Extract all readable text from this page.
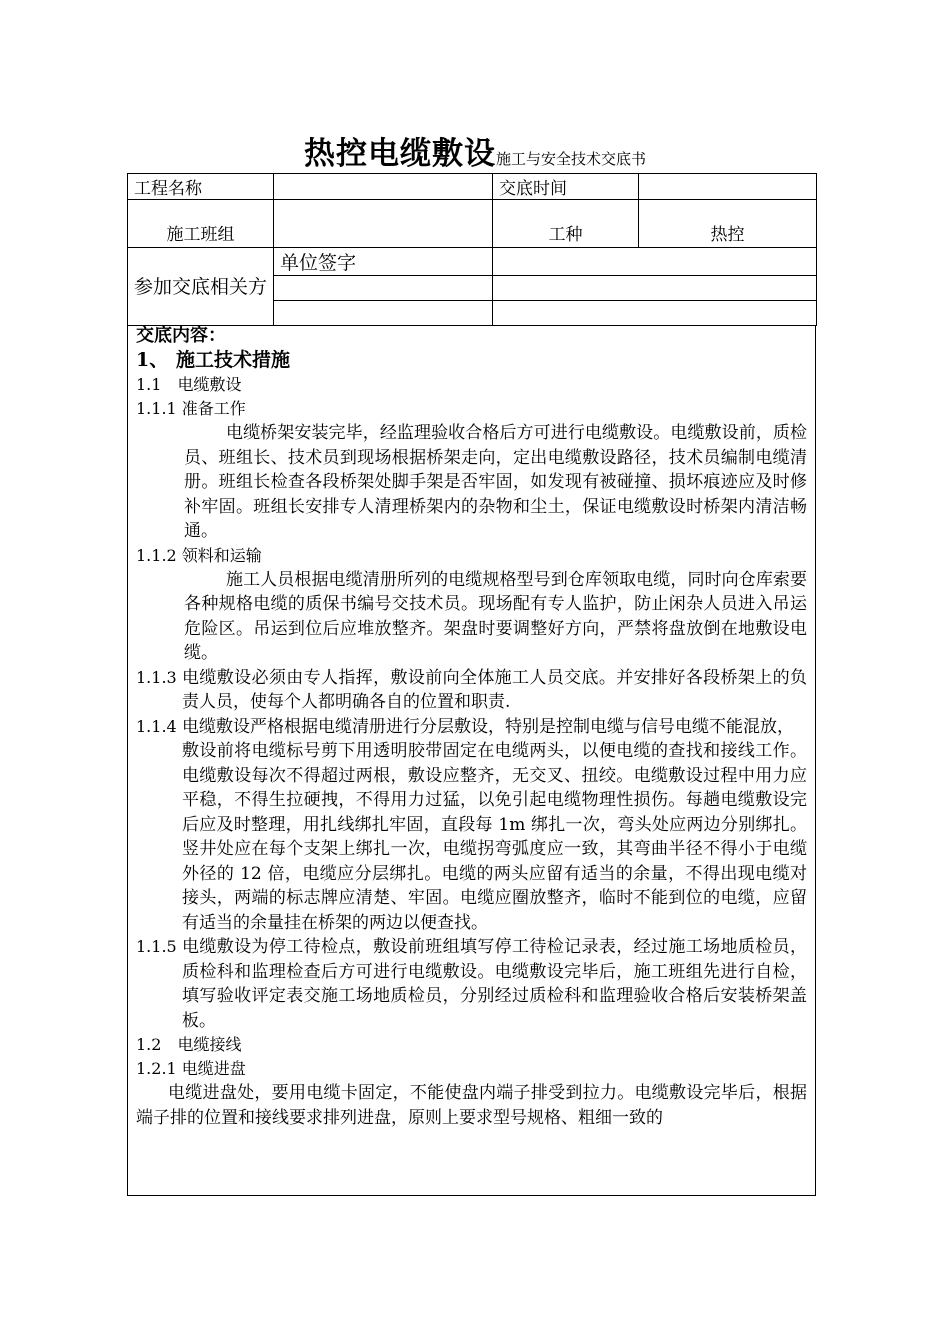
热控电缆敷设施工与安全技术交底书
工程名称		交底时间	
施工班组		工种	热控
参加交底相关方	单位签字		

交底内容：
1、 施工技术措施
1.1　电缆敷设
1.1.1 准备工作
电缆桥架安装完毕，经监理验收合格后方可进行电缆敷设。电缆敷设前，质检员、班组长、技术员到现场根据桥架走向，定出电缆敷设路径，技术员编制电缆清册。班组长检查各段桥架处脚手架是否牢固，如发现有被碰撞、损坏痕迹应及时修补牢固。班组长安排专人清理桥架内的杂物和尘土，保证电缆敷设时桥架内清洁畅通。
1.1.2 领料和运输
施工人员根据电缆清册所列的电缆规格型号到仓库领取电缆，同时向仓库索要各种规格电缆的质保书编号交技术员。现场配有专人监护，防止闲杂人员进入吊运危险区。吊运到位后应堆放整齐。架盘时要调整好方向，严禁将盘放倒在地敷设电缆。
1.1.3 电缆敷设必须由专人指挥，敷设前向全体施工人员交底。并安排好各段桥架上的负责人员，使每个人都明确各自的位置和职责.
1.1.4 电缆敷设严格根据电缆清册进行分层敷设，特别是控制电缆与信号电缆不能混放，
敷设前将电缆标号剪下用透明胶带固定在电缆两头，以便电缆的查找和接线工作。电缆敷设每次不得超过两根，敷设应整齐，无交叉、扭绞。电缆敷设过程中用力应平稳，不得生拉硬拽，不得用力过猛，以免引起电缆物理性损伤。每趟电缆敷设完后应及时整理，用扎线绑扎牢固，直段每 1m 绑扎一次，弯头处应两边分别绑扎。竖井处应在每个支架上绑扎一次，电缆拐弯弧度应一致，其弯曲半径不得小于电缆外径的 12 倍，电缆应分层绑扎。电缆的两头应留有适当的余量，不得出现电缆对接头，两端的标志牌应清楚、牢固。电缆应圈放整齐，临时不能到位的电缆，应留有适当的余量挂在桥架的两边以便查找。
1.1.5 电缆敷设为停工待检点，敷设前班组填写停工待检记录表，经过施工场地质检员，质检科和监理检查后方可进行电缆敷设。电缆敷设完毕后，施工班组先进行自检，填写验收评定表交施工场地质检员，分别经过质检科和监理验收合格后安装桥架盖板。
1.2　电缆接线
1.2.1 电缆进盘
电缆进盘处，要用电缆卡固定，不能使盘内端子排受到拉力。电缆敷设完毕后，根据端子排的位置和接线要求排列进盘，原则上要求型号规格、粗细一致的
